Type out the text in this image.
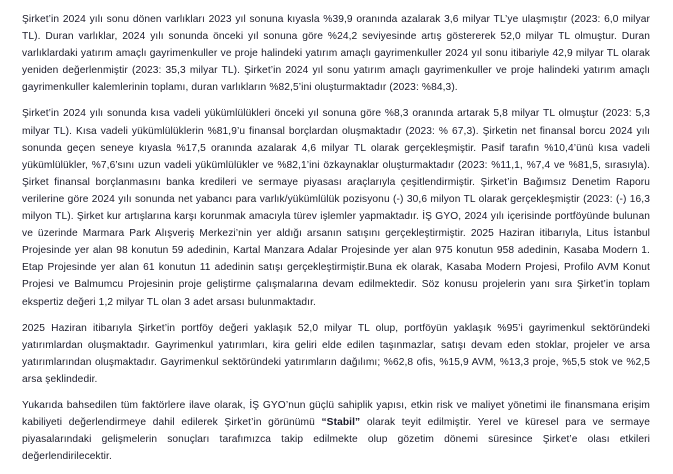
Şirket’in 2024 yılı sonu dönen varlıkları 2023 yıl sonuna kıyasla %39,9 oranında azalarak 3,6 milyar TL’ye ulaşmıştır (2023: 6,0 milyar TL). Duran varlıklar, 2024 yılı sonunda önceki yıl sonuna göre %24,2 seviyesinde artış göstererek 52,0 milyar TL olmuştur. Duran varlıklardaki yatırım amaçlı gayrimenkuller ve proje halindeki yatırım amaçlı gayrimenkuller 2024 yıl sonu itibariyle 42,9 milyar TL olarak yeniden değerlenmiştir (2023: 35,3 milyar TL). Şirket’in 2024 yıl sonu yatırım amaçlı gayrimenkuller ve proje halindeki yatırım amaçlı gayrimenkuller kalemlerinin toplamı, duran varlıkların %82,5’ini oluşturmaktadır (2023: %84,3).

Şirket’in 2024 yılı sonunda kısa vadeli yükümlülükleri önceki yıl sonuna göre %8,3 oranında artarak 5,8 milyar TL olmuştur (2023: 5,3 milyar TL). Kısa vadeli yükümlülüklerin %81,9’u finansal borçlardan oluşmaktadır (2023: % 67,3). Şirketin net finansal borcu 2024 yılı sonunda geçen seneye kıyasla %17,5 oranında azalarak 4,6 milyar TL olarak gerçekleşmiştir. Pasif tarafın %10,4’ünü kısa vadeli yükümlülükler, %7,6’sını uzun vadeli yükümlülükler ve %82,1’ini özkaynaklar oluşturmaktadır (2023: %11,1, %7,4 ve %81,5, sırasıyla). Şirket finansal borçlanmasını banka kredileri ve sermaye piyasası araçlarıyla çeşitlendirmiştir. Şirket’in Bağımsız Denetim Raporu verilerine göre 2024 yılı sonunda net yabancı para varlık/yükümlülük pozisyonu (-) 30,6 milyon TL olarak gerçekleşmiştir (2023: (-) 16,3 milyon TL). Şirket kur artışlarına karşı korunmak amacıyla türev işlemler yapmaktadır. İŞ GYO, 2024 yılı içerisinde portföyünde bulunan ve üzerinde Marmara Park Alışveriş Merkezi’nin yer aldığı arsanın satışını gerçekleştirmiştir. 2025 Haziran itibarıyla, Litus İstanbul Projesinde yer alan 98 konutun 59 adedinin, Kartal Manzara Adalar Projesinde yer alan 975 konutun 958 adedinin, Kasaba Modern 1. Etap Projesinde yer alan 61 konutun 11 adedinin satışı gerçekleştirmiştir.Buna ek olarak, Kasaba Modern Projesi, Profilo AVM Konut Projesi ve Balmumcu Projesinin proje geliştirme çalışmalarına devam edilmektedir. Söz konusu projelerin yanı sıra Şirket’in toplam ekspertiz değeri 1,2 milyar TL olan 3 adet arsası bulunmaktadır.

2025 Haziran itibarıyla Şirket’in portföy değeri yaklaşık 52,0 milyar TL olup, portföyün yaklaşık %95’i gayrimenkul sektöründeki yatırımlardan oluşmaktadır. Gayrimenkul yatırımları, kira geliri elde edilen taşınmazlar, satışı devam eden stoklar, projeler ve arsa yatırımlarından oluşmaktadır. Gayrimenkul sektöründeki yatırımların dağılımı; %62,8 ofis, %15,9 AVM, %13,3 proje, %5,5 stok ve %2,5 arsa şeklindedir.

Yukarıda bahsedilen tüm faktörlere ilave olarak, İŞ GYO’nun güçlü sahiplik yapısı, etkin risk ve maliyet yönetimi ile finansmana erişim kabiliyeti değerlendirmeye dahil edilerek Şirket’in görünümü “Stabil” olarak teyit edilmiştir. Yerel ve küresel para ve sermaye piyasalarındaki gelişmelerin sonuçları tarafımızca takip edilmekte olup gözetim dönemi süresince Şirket’e olası etkileri değerlendirilecektir.
